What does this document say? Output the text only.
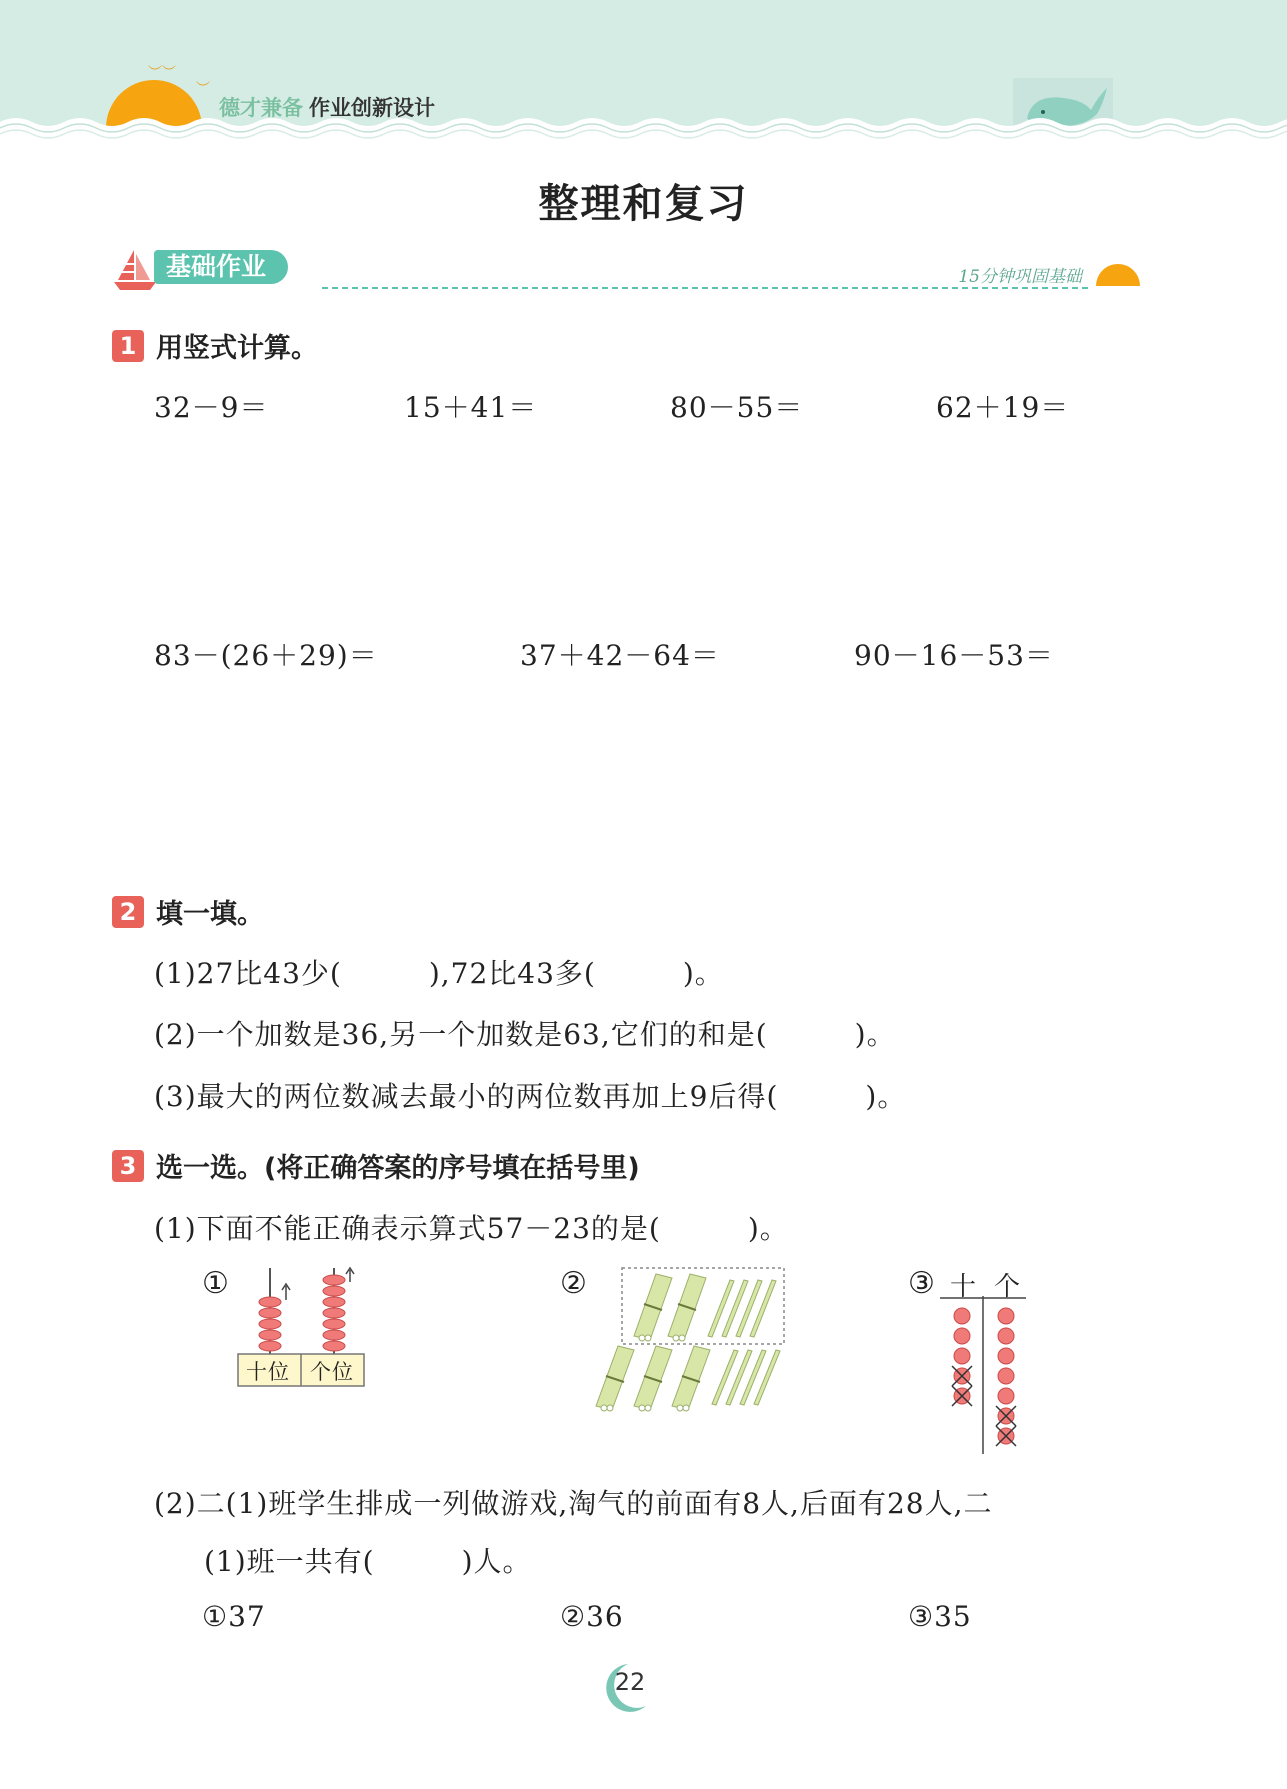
︶︶
︶
德才兼备 作业创新设计
整理和复习
基础作业	15分钟巩固基础
1 用竖式计算。
32－9＝	15＋41＝	80－55＝	62＋19＝
83－(26＋29)＝	37＋42－64＝	90－16－53＝
2 填一填。
(1)27比43少(　　　),72比43多(　　　)。
(2)一个加数是36,另一个加数是63,它们的和是(　　　)。
(3)最大的两位数减去最小的两位数再加上9后得(　　　)。
3 选一选。(将正确答案的序号填在括号里)
(1)下面不能正确表示算式57－23的是(　　　)。
①
十位 个位
②	③ 十 个
(2)二(1)班学生排成一列做游戏,淘气的前面有8人,后面有28人,二
(1)班一共有(　　　)人。
①37	②36	③35
22
